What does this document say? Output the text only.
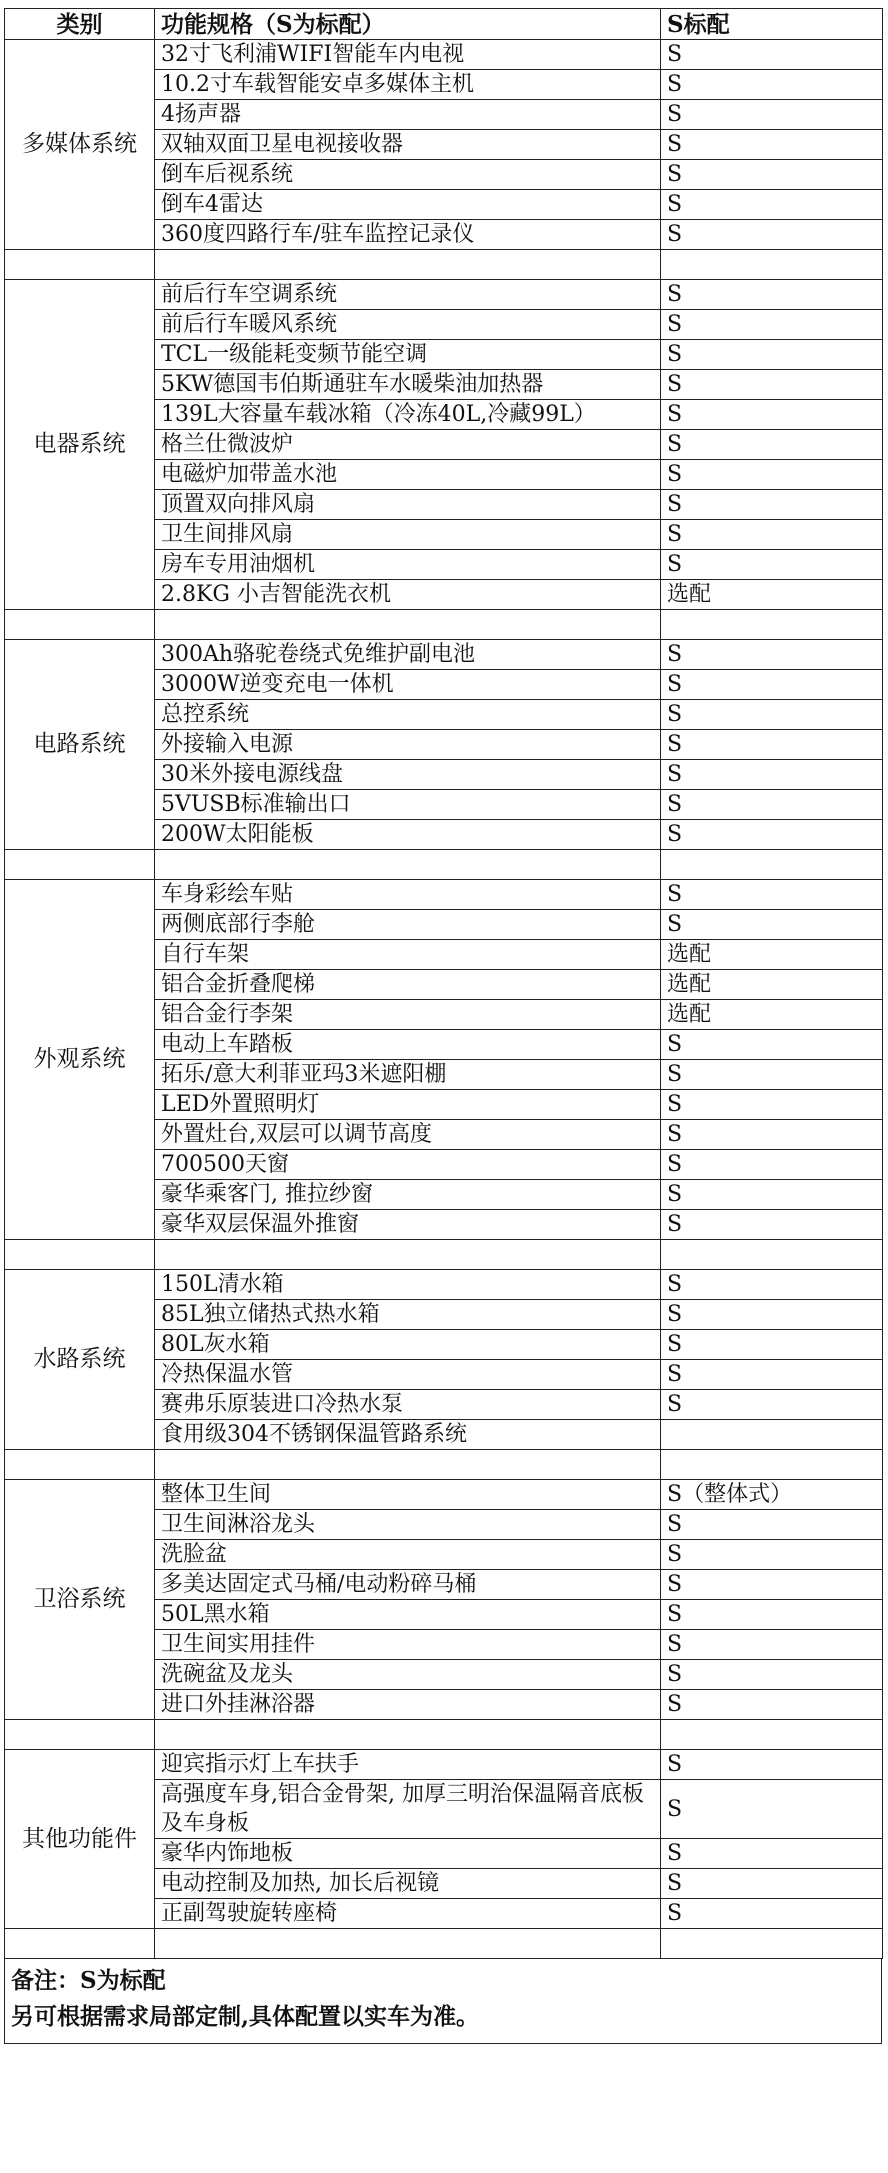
类别	功能规格（S为标配）	S标配
多媒体系统	32寸飞利浦WIFI智能车内电视	S
	10.2寸车载智能安卓多媒体主机	S
	4扬声器	S
	双轴双面卫星电视接收器	S
	倒车后视系统	S
	倒车4雷达	S
	360度四路行车/驻车监控记录仪	S

电器系统	前后行车空调系统	S
	前后行车暖风系统	S
	TCL一级能耗变频节能空调	S
	5KW德国韦伯斯通驻车水暖柴油加热器	S
	139L大容量车载冰箱（冷冻40L,冷藏99L）	S
	格兰仕微波炉	S
	电磁炉加带盖水池	S
	顶置双向排风扇	S
	卫生间排风扇	S
	房车专用油烟机	S
	2.8KG 小吉智能洗衣机	选配

电路系统	300Ah骆驼卷绕式免维护副电池	S
	3000W逆变充电一体机	S
	总控系统	S
	外接输入电源	S
	30米外接电源线盘	S
	5VUSB标准输出口	S
	200W太阳能板	S

外观系统	车身彩绘车贴	S
	两侧底部行李舱	S
	自行车架	选配
	铝合金折叠爬梯	选配
	铝合金行李架	选配
	电动上车踏板	S
	拓乐/意大利菲亚玛3米遮阳棚	S
	LED外置照明灯	S
	外置灶台,双层可以调节高度	S
	700500天窗	S
	豪华乘客门, 推拉纱窗	S
	豪华双层保温外推窗	S

水路系统	150L清水箱	S
	85L独立储热式热水箱	S
	80L灰水箱	S
	冷热保温水管	S
	赛弗乐原装进口冷热水泵	S
	食用级304不锈钢保温管路系统	

卫浴系统	整体卫生间	S（整体式）
	卫生间淋浴龙头	S
	洗脸盆	S
	多美达固定式马桶/电动粉碎马桶	S
	50L黑水箱	S
	卫生间实用挂件	S
	洗碗盆及龙头	S
	进口外挂淋浴器	S

其他功能件	迎宾指示灯上车扶手	S
	高强度车身,铝合金骨架, 加厚三明治保温隔音底板及车身板	S
	豪华内饰地板	S
	电动控制及加热, 加长后视镜	S
	正副驾驶旋转座椅	S

备注：S为标配
另可根据需求局部定制,具体配置以实车为准。
